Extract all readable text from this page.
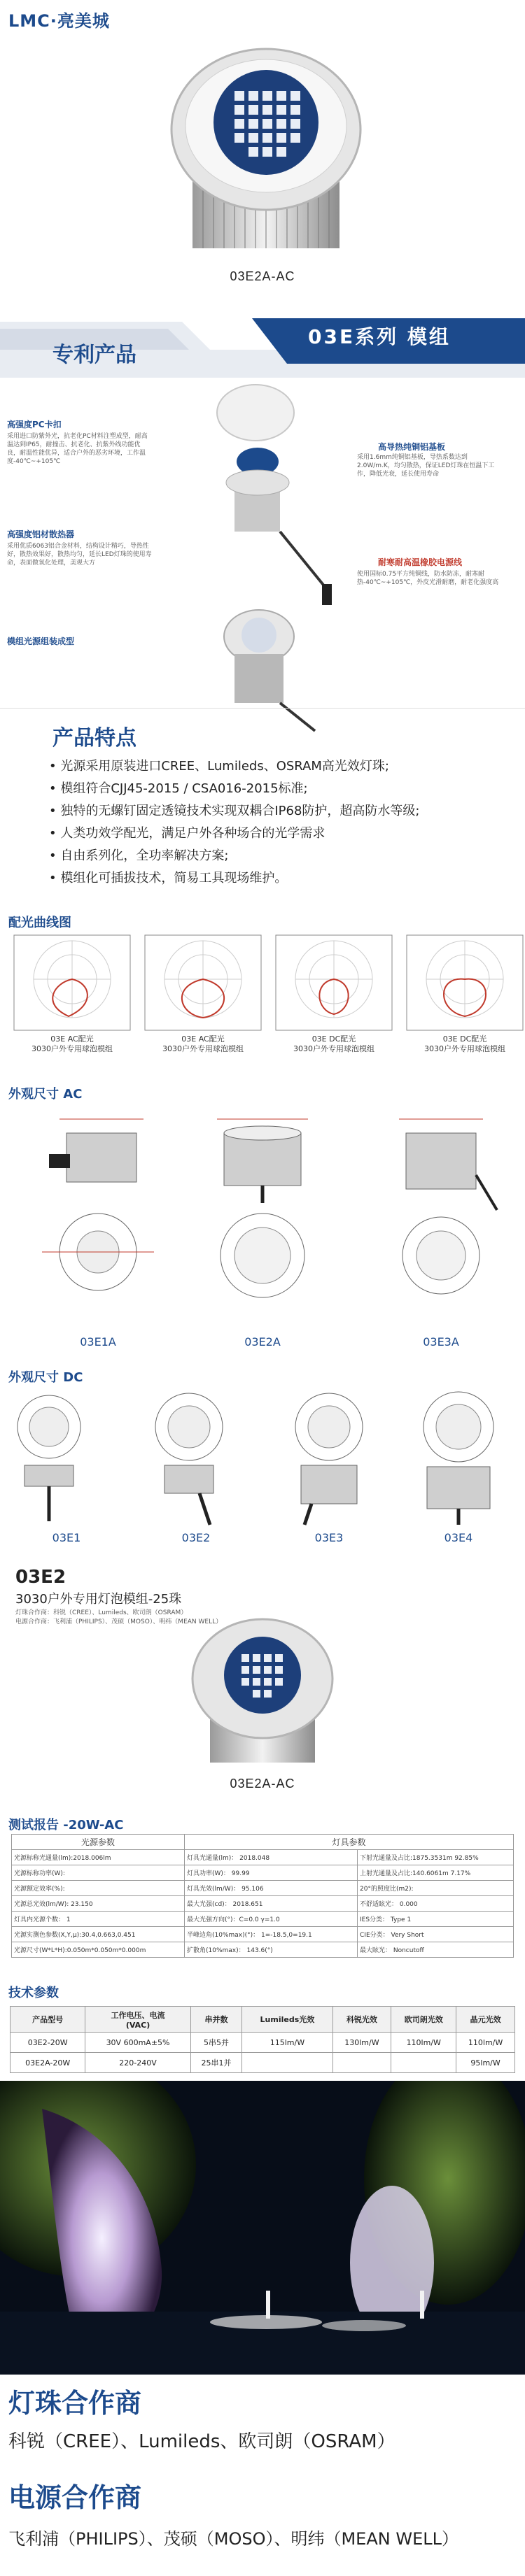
LMC·亮美城
03E2A-AC
专利产品
03E系列 模组
高强度PC卡扣
采用进口防紫外光，抗老化PC材料注塑成型，耐高温达到IP65，耐撞击、抗老化、抗紫外线功能优良，耐温性能优异，适合户外的恶劣环境，工作温度-40℃~+105℃
高强度铝材散热器
采用优质6063铝合金材料，结构设计精巧，导热性好，散热效果好，散热均匀，延长LED灯珠的使用寿命，表面做氧化处理，美观大方
模组光源组装成型
高导热纯铜铝基板
采用1.6mm纯铜铝基板，导热系数达到2.0W/m.K，均匀散热，保证LED灯珠在恒温下工作，降低光衰，延长使用寿命
耐寒耐高温橡胶电源线
使用国标0.75平方纯铜线，防水防冻，耐寒耐热-40℃~+105℃，外皮光滑耐磨，耐老化强度高
产品特点
• 光源采用原装进口CREE、Lumileds、OSRAM高光效灯珠;
• 模组符合CJJ45-2015 / CSA016-2015标准;
• 独特的无螺钉固定透镜技术实现双耦合IP68防护，超高防水等级;
• 人类功效学配光，满足户外各种场合的光学需求
• 自由系列化，全功率解决方案;
• 模组化可插拔技术，简易工具现场维护。
配光曲线图
03E AC配光
3030户外专用球泡模组
03E AC配光
3030户外专用球泡模组
03E DC配光
3030户外专用球泡模组
03E DC配光
3030户外专用球泡模组
外观尺寸 AC
03E1A	03E2A	03E3A
外观尺寸 DC
03E1	03E2	03E3	03E4
03E2
3030户外专用灯泡模组-25珠
灯珠合作商：科锐（CREE）、Lumileds、欧司朗（OSRAM）
电源合作商：飞利浦（PHILIPS）、茂硕（MOSO）、明纬（MEAN WELL）
03E2A-AC
测试报告 -20W-AC
光源参数	灯具参数	
光源标称光通量(lm):2018.006lm	灯具光通量(lm)： 2018.048	下射光通量及占比:1875.3531m 92.85%
光源标称功率(W):	灯具功率(W)： 99.99	上射光通量及占比:140.6061m 7.17%
光源额定效率(%):	灯具光效(lm/W)： 95.106	20°的照度比(m2):
光源总光效(lm/W): 23.150	最大光强(cd)： 2018.651	不舒适眩光： 0.000
灯具内光源个数： 1	最大光强方向(°)：C=0.0 γ=1.0	IES分类： Type 1
光源实测色参数(X,Y,μ):30.4,0.663,0.451	半峰边角(10%max)(°)： 1=-18.5,0=19.1	CIE分类： Very Short
光源尺寸(W*L*H):0.050m*0.050m*0.000m	扩散角(10%max)： 143.6(°)	最大眩光： Noncutoff
技术参数
产品型号	工作电压、电流
(VAC)	串并数	Lumileds光效	科锐光效	欧司朗光效	晶元光效
03E2-20W	30V 600mA±5%	5串5并	115lm/W	130lm/W	110lm/W	110lm/W
03E2A-20W	220-240V	25串1并				95lm/W
灯珠合作商
科锐（CREE）、Lumileds、欧司朗（OSRAM）
电源合作商
飞利浦（PHILIPS）、茂硕（MOSO）、明纬（MEAN WELL）
